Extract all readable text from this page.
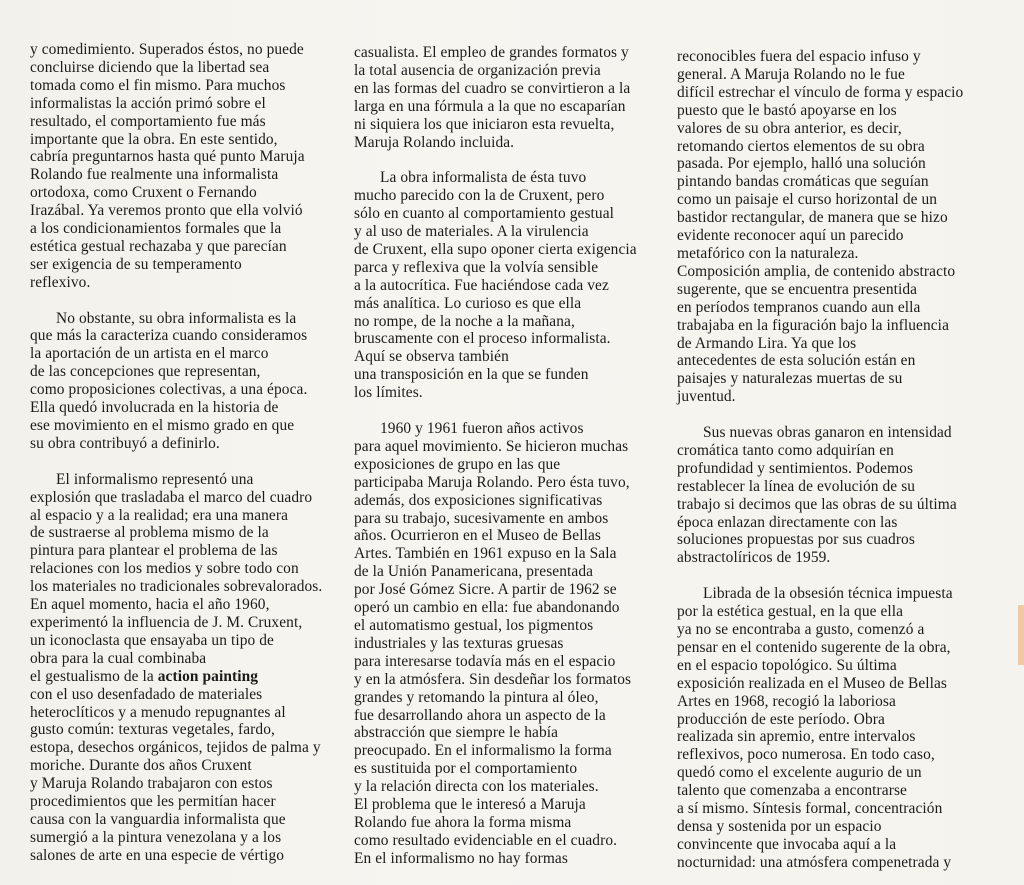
y comedimiento. Superados éstos, no puede
concluirse diciendo que la libertad sea
tomada como el fin mismo. Para muchos
informalistas la acción primó sobre el
resultado, el comportamiento fue más
importante que la obra. En este sentido,
cabría preguntarnos hasta qué punto Maruja
Rolando fue realmente una informalista
ortodoxa, como Cruxent o Fernando
Irazábal. Ya veremos pronto que ella volvió
a los condicionamientos formales que la
estética gestual rechazaba y que parecían
ser exigencia de su temperamento
reflexivo.
No obstante, su obra informalista es la
que más la caracteriza cuando consideramos
la aportación de un artista en el marco
de las concepciones que representan,
como proposiciones colectivas, a una época.
Ella quedó involucrada en la historia de
ese movimiento en el mismo grado en que
su obra contribuyó a definirlo.
El informalismo representó una
explosión que trasladaba el marco del cuadro
al espacio y a la realidad; era una manera
de sustraerse al problema mismo de la
pintura para plantear el problema de las
relaciones con los medios y sobre todo con
los materiales no tradicionales sobrevalorados.
En aquel momento, hacia el año 1960,
experimentó la influencia de J. M. Cruxent,
un iconoclasta que ensayaba un tipo de
obra para la cual combinaba
el gestualismo de la action painting
con el uso desenfadado de materiales
heteroclíticos y a menudo repugnantes al
gusto común: texturas vegetales, fardo,
estopa, desechos orgánicos, tejidos de palma y
moriche. Durante dos años Cruxent
y Maruja Rolando trabajaron con estos
procedimientos que les permitían hacer
causa con la vanguardia informalista que
sumergió a la pintura venezolana y a los
salones de arte en una especie de vértigo
casualista. El empleo de grandes formatos y
la total ausencia de organización previa
en las formas del cuadro se convirtieron a la
larga en una fórmula a la que no escaparían
ni siquiera los que iniciaron esta revuelta,
Maruja Rolando incluida.
La obra informalista de ésta tuvo
mucho parecido con la de Cruxent, pero
sólo en cuanto al comportamiento gestual
y al uso de materiales. A la virulencia
de Cruxent, ella supo oponer cierta exigencia
parca y reflexiva que la volvía sensible
a la autocrítica. Fue haciéndose cada vez
más analítica. Lo curioso es que ella
no rompe, de la noche a la mañana,
bruscamente con el proceso informalista.
Aquí se observa también
una transposición en la que se funden
los límites.
1960 y 1961 fueron años activos
para aquel movimiento. Se hicieron muchas
exposiciones de grupo en las que
participaba Maruja Rolando. Pero ésta tuvo,
además, dos exposiciones significativas
para su trabajo, sucesivamente en ambos
años. Ocurrieron en el Museo de Bellas
Artes. También en 1961 expuso en la Sala
de la Unión Panamericana, presentada
por José Gómez Sicre. A partir de 1962 se
operó un cambio en ella: fue abandonando
el automatismo gestual, los pigmentos
industriales y las texturas gruesas
para interesarse todavía más en el espacio
y en la atmósfera. Sin desdeñar los formatos
grandes y retomando la pintura al óleo,
fue desarrollando ahora un aspecto de la
abstracción que siempre le había
preocupado. En el informalismo la forma
es sustituida por el comportamiento
y la relación directa con los materiales.
El problema que le interesó a Maruja
Rolando fue ahora la forma misma
como resultado evidenciable en el cuadro.
En el informalismo no hay formas
reconocibles fuera del espacio infuso y
general. A Maruja Rolando no le fue
difícil estrechar el vínculo de forma y espacio
puesto que le bastó apoyarse en los
valores de su obra anterior, es decir,
retomando ciertos elementos de su obra
pasada. Por ejemplo, halló una solución
pintando bandas cromáticas que seguían
como un paisaje el curso horizontal de un
bastidor rectangular, de manera que se hizo
evidente reconocer aquí un parecido
metafórico con la naturaleza.
Composición amplia, de contenido abstracto
sugerente, que se encuentra presentida
en períodos tempranos cuando aun ella
trabajaba en la figuración bajo la influencia
de Armando Lira. Ya que los
antecedentes de esta solución están en
paisajes y naturalezas muertas de su
juventud.
Sus nuevas obras ganaron en intensidad
cromática tanto como adquirían en
profundidad y sentimientos. Podemos
restablecer la línea de evolución de su
trabajo si decimos que las obras de su última
época enlazan directamente con las
soluciones propuestas por sus cuadros
abstractolíricos de 1959.
Librada de la obsesión técnica impuesta
por la estética gestual, en la que ella
ya no se encontraba a gusto, comenzó a
pensar en el contenido sugerente de la obra,
en el espacio topológico. Su última
exposición realizada en el Museo de Bellas
Artes en 1968, recogió la laboriosa
producción de este período. Obra
realizada sin apremio, entre intervalos
reflexivos, poco numerosa. En todo caso,
quedó como el excelente augurio de un
talento que comenzaba a encontrarse
a sí mismo. Síntesis formal, concentración
densa y sostenida por un espacio
convincente que invocaba aquí a la
nocturnidad: una atmósfera compenetrada y
